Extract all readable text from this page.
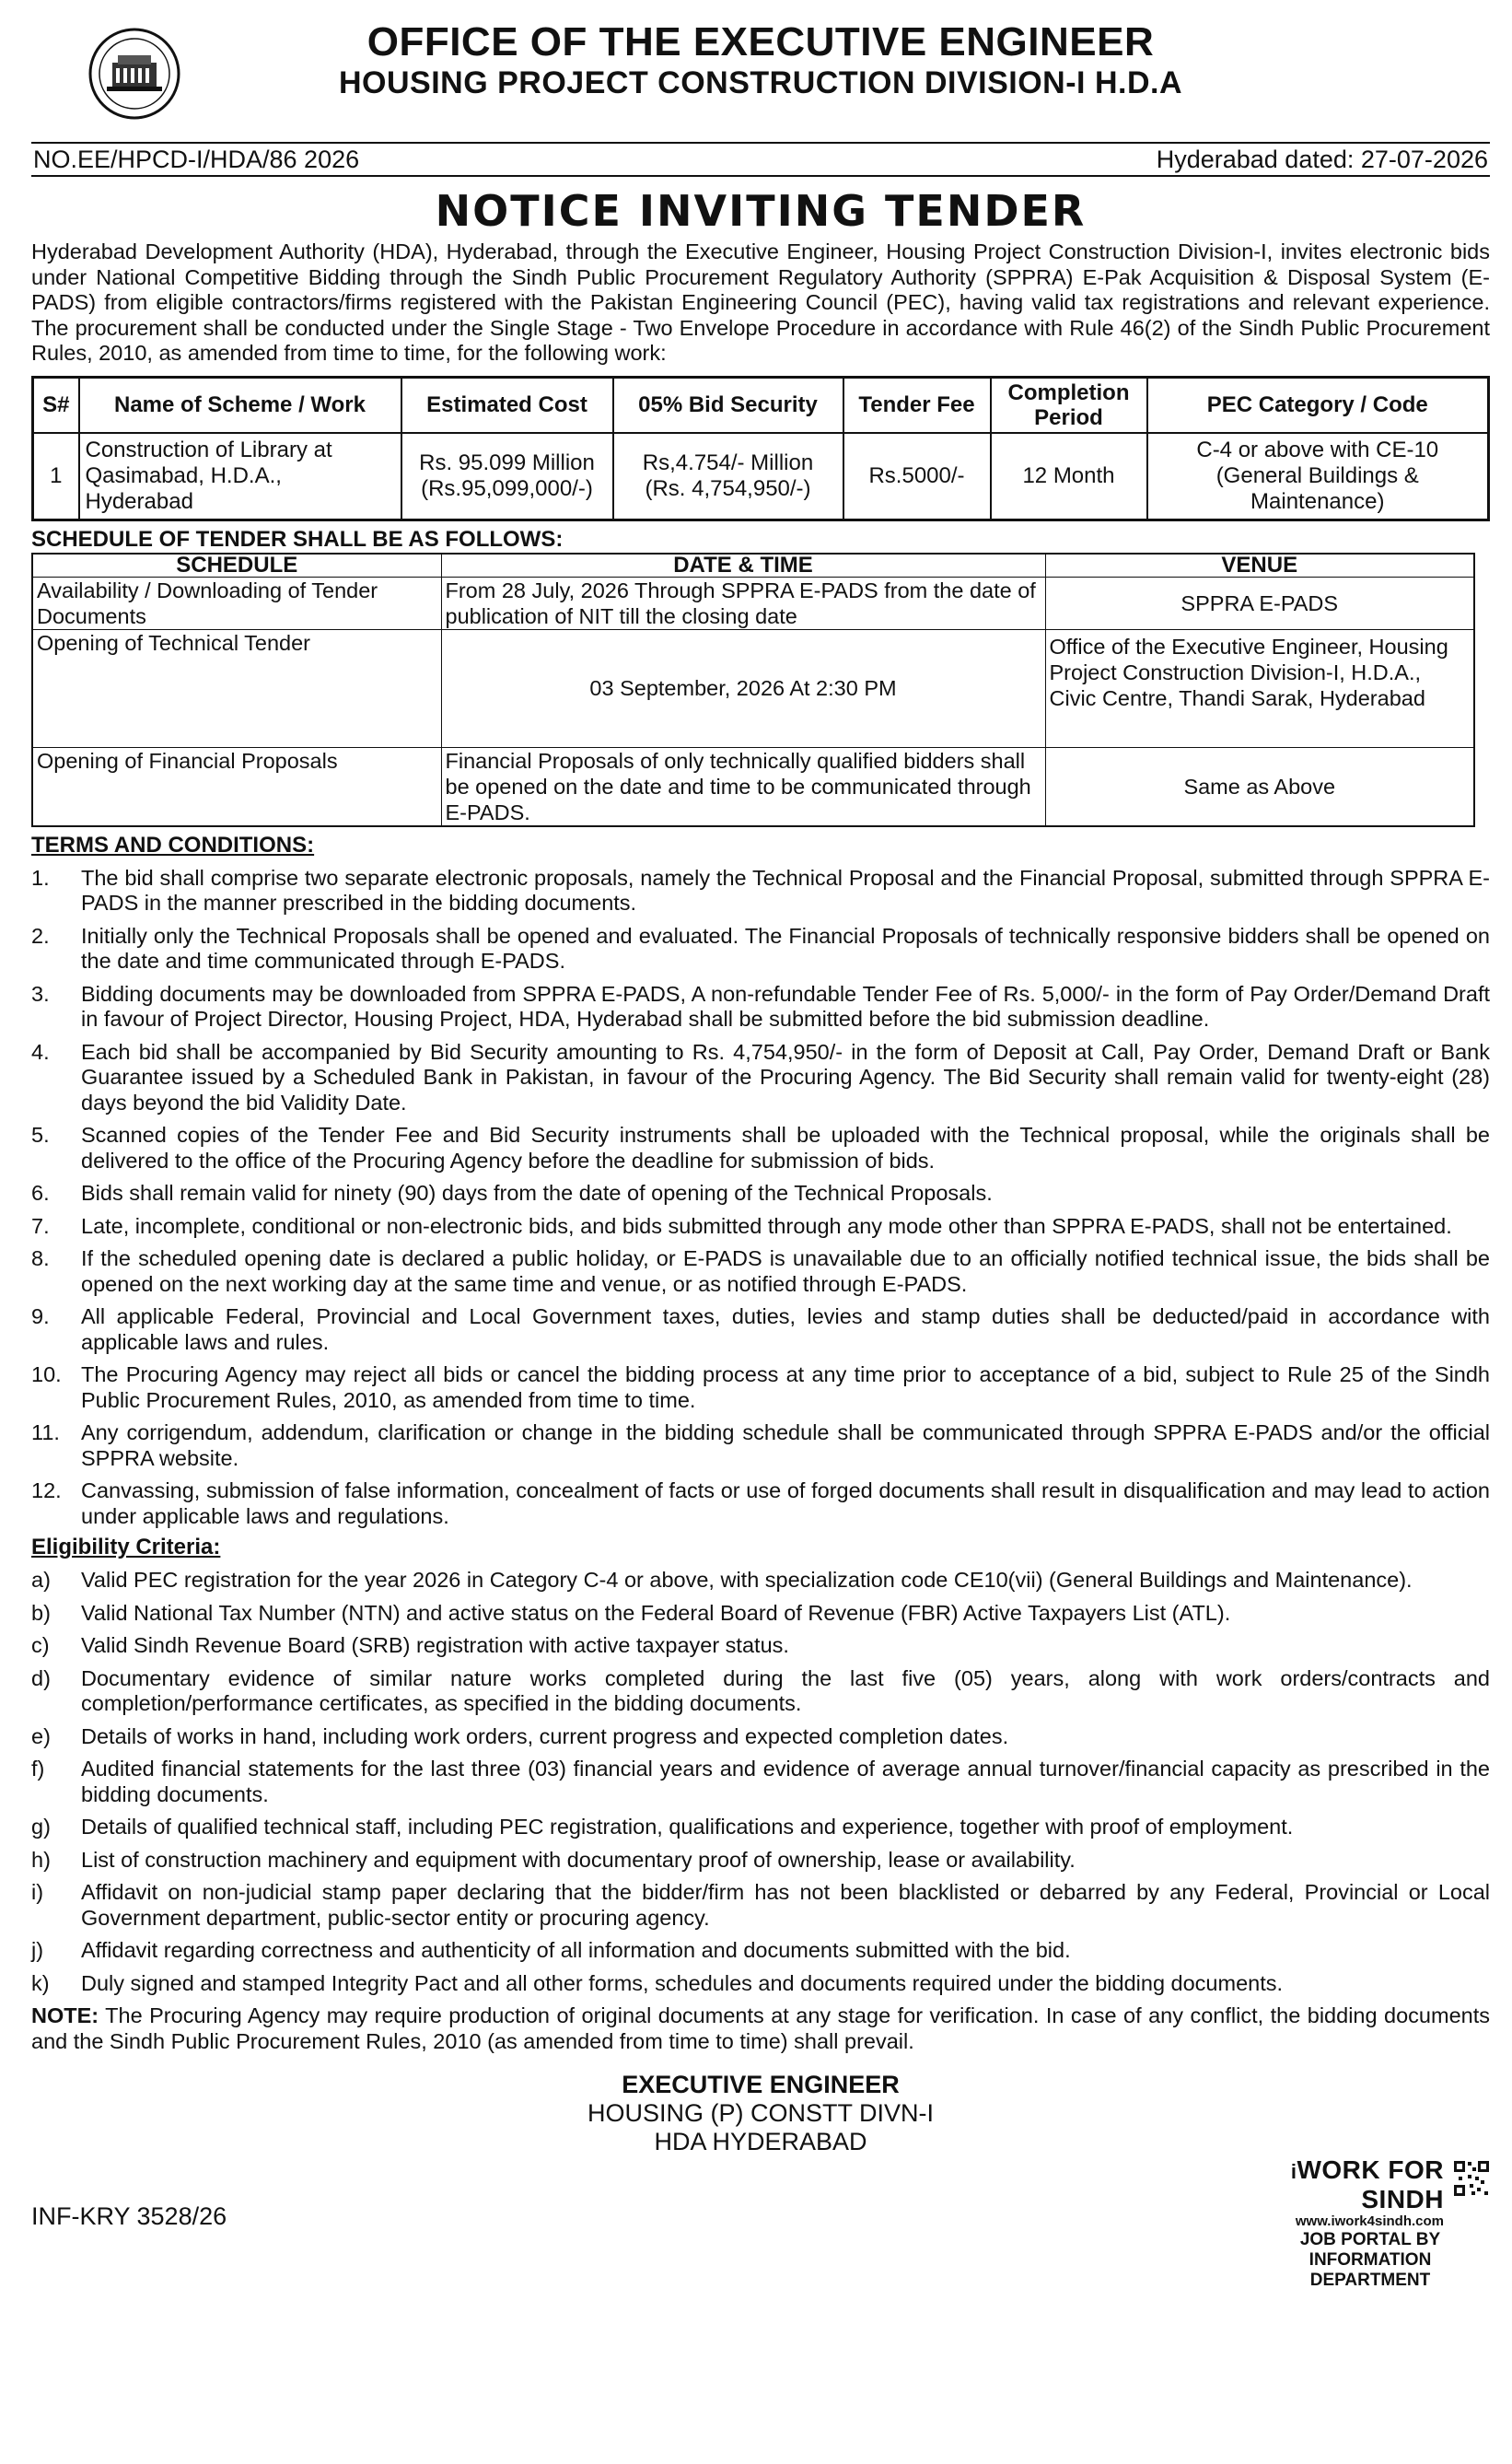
OFFICE OF THE EXECUTIVE ENGINEER
HOUSING PROJECT CONSTRUCTION DIVISION-I H.D.A
NO.EE/HPCD-I/HDA/86 2026	Hyderabad dated: 27-07-2026
NOTICE INVITING TENDER

Hyderabad Development Authority (HDA), Hyderabad, through the Executive Engineer, Housing Project Construction Division-I, invites electronic bids under National Competitive Bidding through the Sindh Public Procurement Regulatory Authority (SPPRA) E-Pak Acquisition & Disposal System (E-PADS) from eligible contractors/firms registered with the Pakistan Engineering Council (PEC), having valid tax registrations and relevant experience. The procurement shall be conducted under the Single Stage - Two Envelope Procedure in accordance with Rule 46(2) of the Sindh Public Procurement Rules, 2010, as amended from time to time, for the following work:

S#	Name of Scheme / Work	Estimated Cost	05% Bid Security	Tender Fee	Completion Period	PEC Category / Code
1	Construction of Library at Qasimabad, H.D.A., Hyderabad	Rs. 95.099 Million (Rs.95,099,000/-)	Rs,4.754/- Million (Rs. 4,754,950/-)	Rs.5000/-	12 Month	C-4 or above with CE-10 (General Buildings & Maintenance)
SCHEDULE OF TENDER SHALL BE AS FOLLOWS:
SCHEDULE	DATE & TIME	VENUE
Availability / Downloading of Tender Documents	From 28 July, 2026 Through SPPRA E-PADS from the date of publication of NIT till the closing date	SPPRA E-PADS
Opening of Technical Tender	03 September, 2026 At 2:30 PM	Office of the Executive Engineer, Housing Project Construction Division-I, H.D.A., Civic Centre, Thandi Sarak, Hyderabad
Opening of Financial Proposals	Financial Proposals of only technically qualified bidders shall be opened on the date and time to be communicated through E-PADS.	Same as Above
TERMS AND CONDITIONS:
1.	The bid shall comprise two separate electronic proposals, namely the Technical Proposal and the Financial Proposal, submitted through SPPRA E-PADS in the manner prescribed in the bidding documents.
2.	Initially only the Technical Proposals shall be opened and evaluated. The Financial Proposals of technically responsive bidders shall be opened on the date and time communicated through E-PADS.
3.	Bidding documents may be downloaded from SPPRA E-PADS, A non-refundable Tender Fee of Rs. 5,000/- in the form of Pay Order/Demand Draft in favour of Project Director, Housing Project, HDA, Hyderabad shall be submitted before the bid submission deadline.
4.	Each bid shall be accompanied by Bid Security amounting to Rs. 4,754,950/- in the form of Deposit at Call, Pay Order, Demand Draft or Bank Guarantee issued by a Scheduled Bank in Pakistan, in favour of the Procuring Agency. The Bid Security shall remain valid for twenty-eight (28) days beyond the bid Validity Date.
5.	Scanned copies of the Tender Fee and Bid Security instruments shall be uploaded with the Technical proposal, while the originals shall be delivered to the office of the Procuring Agency before the deadline for submission of bids.
6.	Bids shall remain valid for ninety (90) days from the date of opening of the Technical Proposals.
7.	Late, incomplete, conditional or non-electronic bids, and bids submitted through any mode other than SPPRA E-PADS, shall not be entertained.
8.	If the scheduled opening date is declared a public holiday, or E-PADS is unavailable due to an officially notified technical issue, the bids shall be opened on the next working day at the same time and venue, or as notified through E-PADS.
9.	All applicable Federal, Provincial and Local Government taxes, duties, levies and stamp duties shall be deducted/paid in accordance with applicable laws and rules.
10. The Procuring Agency may reject all bids or cancel the bidding process at any time prior to acceptance of a bid, subject to Rule 25 of the Sindh Public Procurement Rules, 2010, as amended from time to time.
11. Any corrigendum, addendum, clarification or change in the bidding schedule shall be communicated through SPPRA E-PADS and/or the official SPPRA website.
12. Canvassing, submission of false information, concealment of facts or use of forged documents shall result in disqualification and may lead to action under applicable laws and regulations.
Eligibility Criteria:
a)	Valid PEC registration for the year 2026 in Category C-4 or above, with specialization code CE10(vii) (General Buildings and Maintenance).
b)	Valid National Tax Number (NTN) and active status on the Federal Board of Revenue (FBR) Active Taxpayers List (ATL).
c)	Valid Sindh Revenue Board (SRB) registration with active taxpayer status.
d)	Documentary evidence of similar nature works completed during the last five (05) years, along with work orders/contracts and completion/performance certificates, as specified in the bidding documents.
e)	Details of works in hand, including work orders, current progress and expected completion dates.
f)	Audited financial statements for the last three (03) financial years and evidence of average annual turnover/financial capacity as prescribed in the bidding documents.
g)	Details of qualified technical staff, including PEC registration, qualifications and experience, together with proof of employment.
h)	List of construction machinery and equipment with documentary proof of ownership, lease or availability.
i)	Affidavit on non-judicial stamp paper declaring that the bidder/firm has not been blacklisted or debarred by any Federal, Provincial or Local Government department, public-sector entity or procuring agency.
j)	Affidavit regarding correctness and authenticity of all information and documents submitted with the bid.
k)	Duly signed and stamped Integrity Pact and all other forms, schedules and documents required under the bidding documents.
NOTE: The Procuring Agency may require production of original documents at any stage for verification. In case of any conflict, the bidding documents and the Sindh Public Procurement Rules, 2010 (as amended from time to time) shall prevail.
EXECUTIVE ENGINEER
HOUSING (P) CONSTT DIVN-I
HDA HYDERABAD
INF-KRY 3528/26
iWORK FOR SINDH
www.iwork4sindh.com
JOB PORTAL BY
INFORMATION DEPARTMENT
